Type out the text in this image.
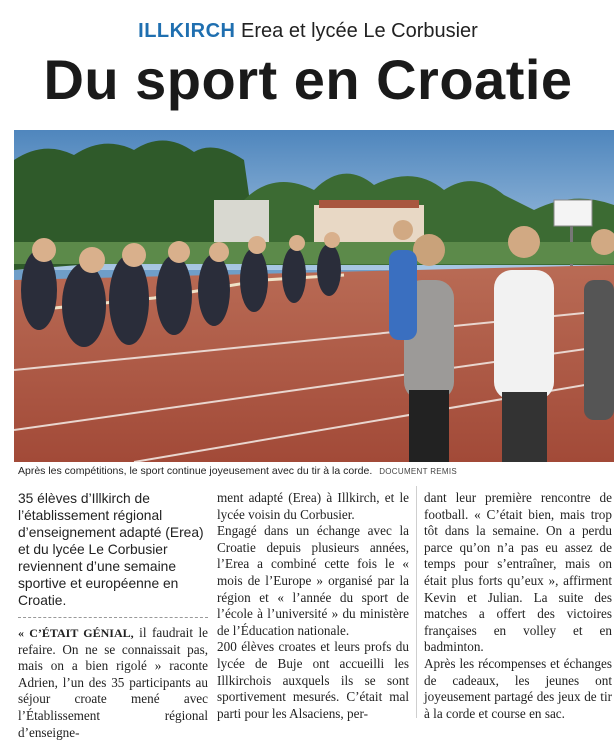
ILLKIRCH Erea et lycée Le Corbusier
Du sport en Croatie
Après les compétitions, le sport continue joyeusement avec du tir à la corde. DOCUMENT REMIS
35 élèves d’Illkirch de l’établissement régional d’enseignement adapté (Erea) et du lycée Le Corbusier reviennent d’une semaine sportive et européenne en Croatie.
« C’ÉTAIT GÉNIAL, il faudrait le refaire. On ne se connaissait pas, mais on a bien rigolé » raconte Adrien, l’un des 35 participants au séjour croate mené avec l’Établissement régional d’enseigne-
ment adapté (Erea) à Illkirch, et le lycée voisin du Corbusier.
Engagé dans un échange avec la Croatie depuis plusieurs années, l’Erea a combiné cette fois le « mois de l’Europe » organisé par la région et « l’année du sport de l’école à l’université » du ministère de l’Éducation nationale.
200 élèves croates et leurs profs du lycée de Buje ont accueilli les Illkirchois auxquels ils se sont sportivement mesurés. C’était mal parti pour les Alsaciens, per-
dant leur première rencontre de football. « C’était bien, mais trop tôt dans la semaine. On a perdu parce qu’on n’a pas eu assez de temps pour s’entraîner, mais on était plus forts qu’eux », affirment Kevin et Julian. La suite des matches a offert des victoires françaises en volley et en badminton.
Après les récompenses et échanges de cadeaux, les jeunes ont joyeusement partagé des jeux de tir à la corde et course en sac.
